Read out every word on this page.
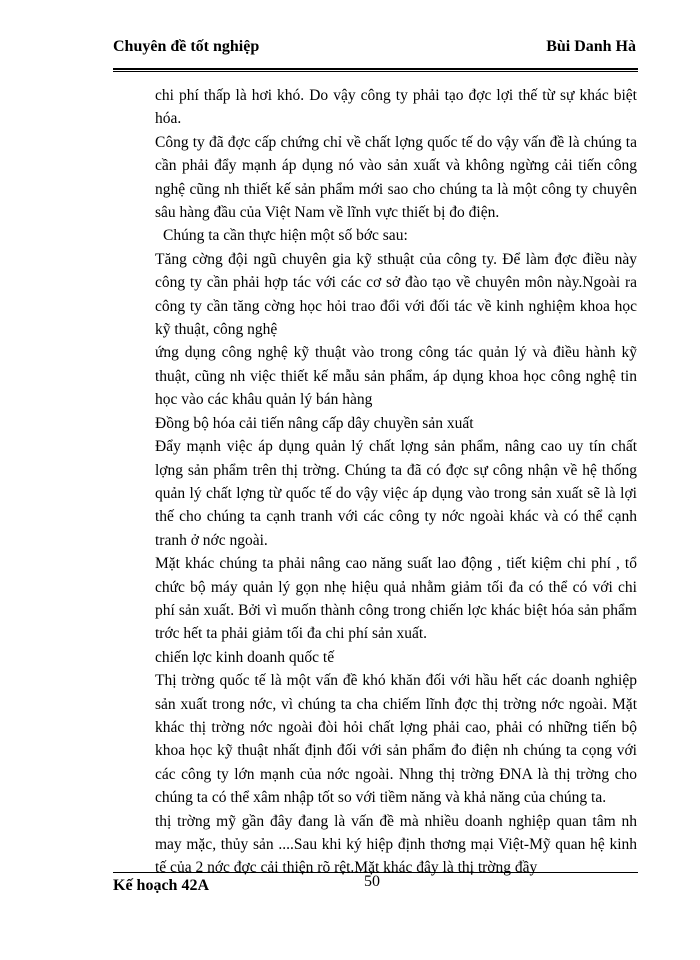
Chuyên đề tốt nghiệp	Bùi Danh Hà

chi phí thấp là hơi khó. Do vậy công ty phải tạo đợc lợi thế từ sự khác biệt hóa.

Công ty đã đợc cấp chứng chỉ về chất lợng quốc tế do vậy vấn đề là chúng ta cần phải đẩy mạnh áp dụng nó vào sản xuất và không ngừng cải tiến công nghệ cũng nh thiết kế sản phẩm mới sao cho chúng ta là một công ty chuyên sâu hàng đầu của Việt Nam về lĩnh vực thiết bị đo điện.

Chúng ta cần thực hiện một số bớc sau:

Tăng cờng đội ngũ chuyên gia kỹ sthuật của công ty. Để làm đợc điều này công ty cần phải hợp tác với các cơ sở đào tạo về chuyên môn này.Ngoài ra công ty cần tăng cờng học hỏi trao đổi với đối tác về kinh nghiệm khoa học kỹ thuật, công nghệ

ứng dụng công nghệ kỹ thuật vào trong công tác quản lý và điều hành kỹ thuật, cũng nh việc thiết kế mẫu sản phẩm, áp dụng khoa học công nghệ tin học vào các khâu quản lý bán hàng

Đồng bộ hóa cải tiến nâng cấp dây chuyền sản xuất

Đẩy mạnh việc áp dụng quản lý chất lợng sản phẩm, nâng cao uy tín chất lợng sản phẩm trên thị trờng. Chúng ta đã có đợc sự công nhận về hệ thống quản lý chất lợng từ quốc tế do vậy việc áp dụng vào trong sản xuất sẽ là lợi thế cho chúng ta cạnh tranh với các công ty nớc ngoài khác và có thể cạnh tranh ở nớc ngoài.

Mặt khác chúng ta phải nâng cao năng suất lao động , tiết kiệm chi phí , tổ chức bộ máy quản lý gọn nhẹ hiệu quả nhằm giảm tối đa có thể có với chi phí sản xuất. Bởi vì muốn thành công trong chiến lợc khác biệt hóa sản phẩm trớc hết ta phải giảm tối đa chi phí sản xuất.

chiến lợc kinh doanh quốc tế

Thị trờng quốc tế là một vấn đề khó khăn đối với hầu hết các doanh nghiệp sản xuất trong nớc, vì chúng ta cha chiếm lĩnh đợc thị trờng nớc ngoài. Mặt khác thị trờng nớc ngoài đòi hỏi chất lợng phải cao, phải có những tiến bộ khoa học kỹ thuật nhất định đối với sản phẩm đo điện nh chúng ta cọng với các công ty lớn mạnh của nớc ngoài. Nhng thị trờng ĐNA là thị trờng cho chúng ta có thể xâm nhập tốt so với tiềm năng và khả năng của chúng ta.

thị trờng mỹ gần đây đang là vấn đề mà nhiều doanh nghiệp quan tâm nh may mặc, thủy sản ....Sau khi ký hiệp định thơng mại Việt-Mỹ quan hệ kinh tế của 2 nớc đợc cải thiện rõ rệt.Mặt khác đây là thị trờng đầy

Kế hoạch 42A	50
